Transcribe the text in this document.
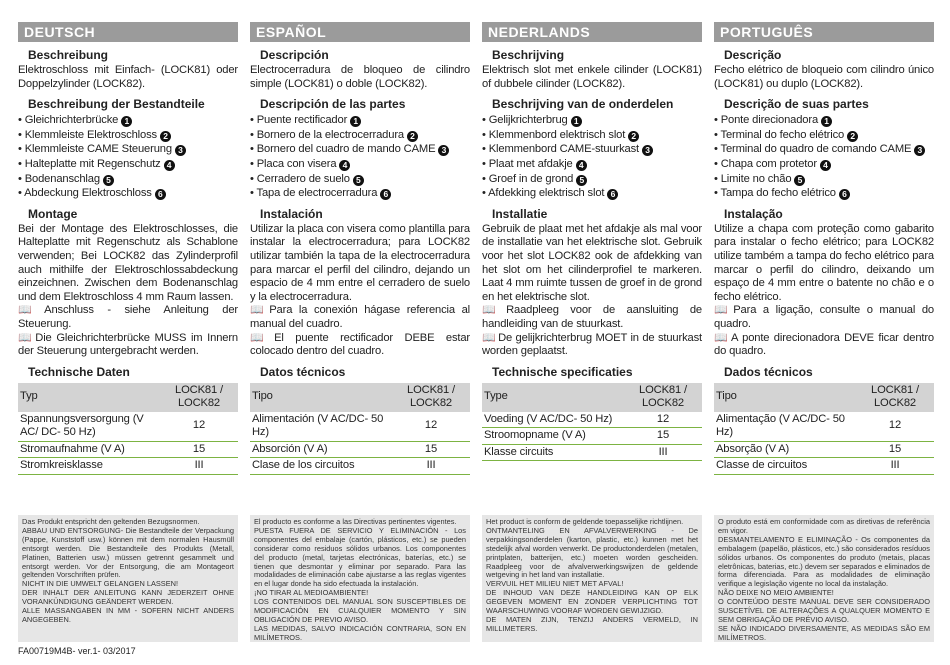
DEUTSCH
Beschreibung

Elektroschloss mit Einfach- (LOCK81) oder Doppelzylinder (LOCK82).

Beschreibung der Bestandteile
• Gleichrichterbrücke 1
• Klemmleiste Elektroschloss 2
• Klemmleiste CAME Steuerung 3
• Halteplatte mit Regenschutz 4
• Bodenanschlag 5
• Abdeckung Elektroschloss 6
Montage

Bei der Montage des Elektroschlosses, die Halteplatte mit Regenschutz als Schablone verwenden; Bei LOCK82 das Zylinderprofil auch mithilfe der Elektroschlossabdeckung einzeichnen. Zwischen dem Bodenanschlag und dem Elektroschloss 4 mm Raum lassen.

📖 Anschluss - siehe Anleitung der Steuerung.

📖 Die Gleichrichterbrücke MUSS im Innern der Steuerung untergebracht werden.

Technische Daten
Typ	LOCK81 / LOCK82
Spannungsversorgung (V AC/ DC- 50 Hz)	12
Stromaufnahme (V A)	15
Stromkreisklasse	III
ESPAÑOL
Descripción

Electrocerradura de bloqueo de cilindro simple (LOCK81) o doble (LOCK82).

Descripción de las partes
• Puente rectificador 1
• Bornero de la electrocerradura 2
• Bornero del cuadro de mando CAME 3
• Placa con visera 4
• Cerradero de suelo 5
• Tapa de electrocerradura 6
Instalación

Utilizar la placa con visera como plantilla para instalar la electrocerradura; para LOCK82 utilizar también la tapa de la electrocerradura para marcar el perfil del cilindro, dejando un espacio de 4 mm entre el cerradero de suelo y la electrocerradura.

📖 Para la conexión hágase referencia al manual del cuadro.

📖 El puente rectificador DEBE estar colocado dentro del cuadro.

Datos técnicos
Tipo	LOCK81 / LOCK82
Alimentación (V AC/DC- 50 Hz)	12
Absorción (V A)	15
Clase de los circuitos	III
NEDERLANDS
Beschrijving

Elektrisch slot met enkele cilinder (LOCK81) of dubbele cilinder (LOCK82).

Beschrijving van de onderdelen
• Gelijkrichterbrug 1
• Klemmenbord elektrisch slot 2
• Klemmenbord CAME-stuurkast 3
• Plaat met afdakje 4
• Groef in de grond 5
• Afdekking elektrisch slot 6
Installatie

Gebruik de plaat met het afdakje als mal voor de installatie van het elektrische slot. Gebruik voor het slot LOCK82 ook de afdekking van het slot om het cilinderprofiel te markeren. Laat 4 mm ruimte tussen de groef in de grond en het elektrische slot.

📖 Raadpleeg voor de aansluiting de handleiding van de stuurkast.

📖 De gelijkrichterbrug MOET in de stuurkast worden geplaatst.

Technische specificaties
Type	LOCK81 / LOCK82
Voeding (V AC/DC- 50 Hz)	12
Stroomopname (V A)	15
Klasse circuits	III
PORTUGUÊS
Descrição

Fecho elétrico de bloqueio com cilindro único (LOCK81) ou duplo (LOCK82).

Descrição de suas partes
• Ponte direcionadora 1
• Terminal do fecho elétrico 2
• Terminal do quadro de comando CAME 3
• Chapa com protetor 4
• Limite no chão 5
• Tampa do fecho elétrico 6
Instalação

Utilize a chapa com proteção como gabarito para instalar o fecho elétrico; para LOCK82 utilize também a tampa do fecho elétrico para marcar o perfil do cilindro, deixando um espaço de 4 mm entre o batente no chão e o fecho elétrico.

📖 Para a ligação, consulte o manual do quadro.

📖 A ponte direcionadora DEVE ficar dentro do quadro.

Dados técnicos
Tipo	LOCK81 / LOCK82
Alimentação (V AC/DC- 50 Hz)	12
Absorção (V A)	15
Classe de circuitos	III

Das Produkt entspricht den geltenden Bezugsnormen.

ABBAU UND ENTSORGUNG- Die Bestandteile der Verpackung (Pappe, Kunststoff usw.) können mit dem normalen Hausmüll entsorgt werden. Die Bestandteile des Produkts (Metall, Platinen, Batterien usw.) müssen getrennt gesammelt und entsorgt werden. Vor der Entsorgung, die am Montageort geltenden Vorschriften prüfen.

NICHT IN DIE UMWELT GELANGEN LASSEN!

DER INHALT DER ANLEITUNG KANN JEDERZEIT OHNE VORANKÜNDIGUNG GEÄNDERT WERDEN.

ALLE MASSANGABEN IN MM - SOFERN NICHT ANDERS ANGEGEBEN.

El producto es conforme a las Directivas pertinentes vigentes.

PUESTA FUERA DE SERVICIO Y ELIMINACIÓN - Los componentes del embalaje (cartón, plásticos, etc.) se pueden considerar como residuos sólidos urbanos. Los componentes del producto (metal, tarjetas electrónicas, baterías, etc.) se tienen que desmontar y eliminar por separado. Para las modalidades de eliminación cabe ajustarse a las reglas vigentes en el lugar donde ha sido efectuada la instalación.

¡NO TIRAR AL MEDIOAMBIENTE!

LOS CONTENIDOS DEL MANUAL SON SUSCEPTIBLES DE MODIFICACIÓN EN CUALQUIER MOMENTO Y SIN OBLIGACIÓN DE PREVIO AVISO.

LAS MEDIDAS, SALVO INDICACIÓN CONTRARIA, SON EN MILÍMETROS.

Het product is conform de geldende toepasselijke richtlijnen.

ONTMANTELING EN AFVALVERWERKING - De verpakkingsonderdelen (karton, plastic, etc.) kunnen met het stedelijk afval worden verwerkt. De productonderdelen (metalen, printplaten, batterijen, etc.) moeten worden gescheiden. Raadpleeg voor de afvalverwerkingswijzen de geldende wetgeving in het land van installatie.

VERVUIL HET MILIEU NIET MET AFVAL!

DE INHOUD VAN DEZE HANDLEIDING KAN OP ELK GEGEVEN MOMENT EN ZONDER VERPLICHTING TOT WAARSCHUWING VOORAF WORDEN GEWIJZIGD.

DE MATEN ZIJN, TENZIJ ANDERS VERMELD, IN MILLIMETERS.

O produto está em conformidade com as diretivas de referência em vigor.

DESMANTELAMENTO E ELIMINAÇÃO - Os componentes da embalagem (papelão, plásticos, etc.) são considerados resíduos sólidos urbanos. Os componentes do produto (metais, placas eletrônicas, baterias, etc.) devem ser separados e eliminados de forma diferenciada. Para as modalidades de eliminação verifique a legislação vigente no local da instalação.

NÃO DEIXE NO MEIO AMBIENTE!

O CONTEÚDO DESTE MANUAL DEVE SER CONSIDERADO SUSCETÍVEL DE ALTERAÇÕES A QUALQUER MOMENTO E SEM OBRIGAÇÃO DE PRÉVIO AVISO.

SE NÃO INDICADO DIVERSAMENTE, AS MEDIDAS SÃO EM MILÍMETROS.

FA00719M4B- ver.1- 03/2017
